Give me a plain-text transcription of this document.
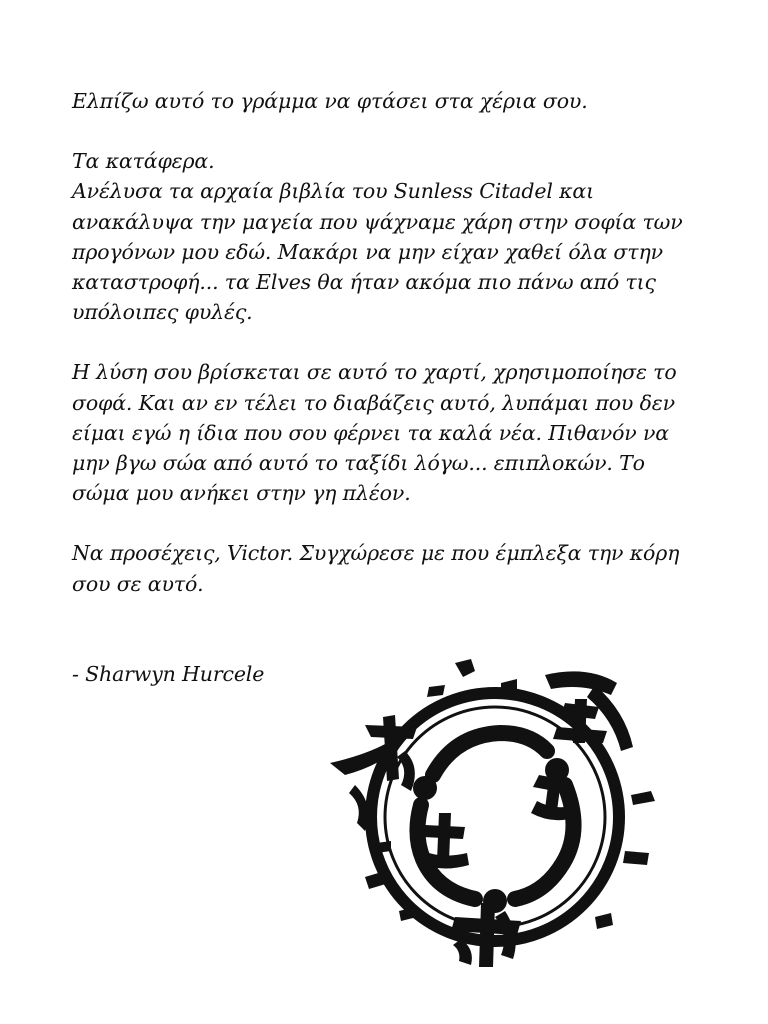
Ελπίζω αυτό το γράμμα να φτάσει στα χέρια σου.

Τα κατάφερα.
Ανέλυσα τα αρχαία βιβλία του Sunless Citadel και
ανακάλυψα την μαγεία που ψάχναμε χάρη στην σοφία των
προγόνων μου εδώ. Μακάρι να μην είχαν χαθεί όλα στην
καταστροφή... τα Elves θα ήταν ακόμα πιο πάνω από τις
υπόλοιπες φυλές.

Η λύση σου βρίσκεται σε αυτό το χαρτί, χρησιμοποίησε το
σοφά. Και αν εν τέλει το διαβάζεις αυτό, λυπάμαι που δεν
είμαι εγώ η ίδια που σου φέρνει τα καλά νέα. Πιθανόν να
μην βγω σώα από αυτό το ταξίδι λόγω... επιπλοκών. Το
σώμα μου ανήκει στην γη πλέον.

Να προσέχεις, Victor. Συγχώρεσε με που έμπλεξα την κόρη
σου σε αυτό.

- Sharwyn Hurcele
